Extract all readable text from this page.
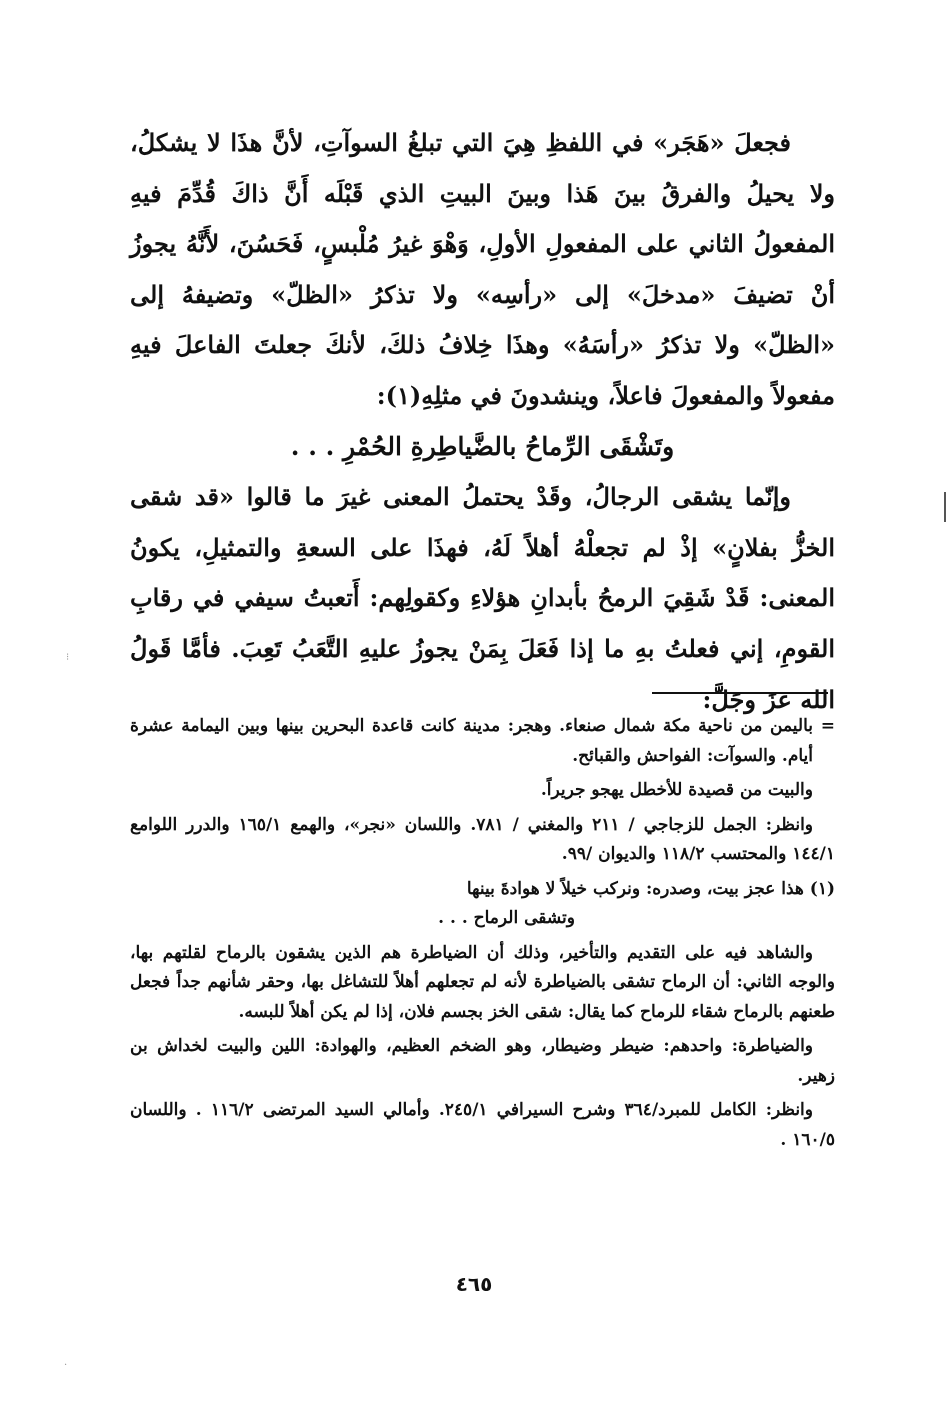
فجعلَ «هَجَر» في اللفظِ هِيَ التي تبلغُ السوآتِ، لأنَّ هذَا لا يشكلُ، ولا يحيلُ والفرقُ بينَ هَذا وبينَ البيتِ الذي قَبْلَه أَنَّ ذاكَ قُدِّمَ فيهِ المفعولُ الثاني على المفعولِ الأولِ، وَهْوَ غيرُ مُلْبسٍ، فَحَسُنَ، لأَنَّهُ يجوزُ أنْ تضيفَ «مدخلَ» إلى «رأسِه» ولا تذكرُ «الظلّ» وتضيفهُ إلى «الظلّ» ولا تذكرُ «رأسَهُ» وهذَا خِلافُ ذلكَ، لأنكَ جعلتَ الفاعلَ فيهِ مفعولاً والمفعولَ فاعلاً، وينشدونَ في مثلِهِ(١):

وتَشْقَى الرِّماحُ بالضَّياطِرةِ الحُمْرِ . . .

وإنّما يشقى الرجالُ، وقَدْ يحتملُ المعنى غيرَ ما قالوا «قد شقى الخزُّ بفلانٍ» إذْ لم تجعلْهُ أهلاً لَهُ، فهذَا على السعةِ والتمثيلِ، يكونُ المعنى: قَدْ شَقِيَ الرمحُ بأبدانِ هؤلاءِ وكقولِهم: أَتعبتُ سيفي في رقابِ القومِ، إني فعلتُ بهِ ما إذا فَعَلَ بِمَنْ يجوزُ عليهِ التَّعَبُ تَعِبَ. فأمَّا قَولُ الله عزَ وجَلَّ:

=
باليمن من ناحية مكة شمال صنعاء. وهجر: مدينة كانت قاعدة البحرين بينها وبين اليمامة عشرة أيام. والسوآت: الفواحش والقبائح.

والبيت من قصيدة للأخطل يهجو جريراً.

وانظر: الجمل للزجاجي / ٢١١ والمغني / ٧٨١. واللسان «نجر»، والهمع ١٦٥/١ والدرر اللوامع ١٤٤/١ والمحتسب ١١٨/٢ والديوان /٩٩.

(١) هذا عجز بيت، وصدره: ونركب خيلاً لا هوادةَ بينها

وتشقى الرماح . . .

والشاهد فيه على التقديم والتأخير، وذلك أن الضياطرة هم الذين يشقون بالرماح لقلتهم بها، والوجه الثاني: أن الرماح تشقى بالضياطرة لأنه لم تجعلهم أهلاً للتشاغل بها، وحقر شأنهم جداً فجعل طعنهم بالرماح شقاء للرماح كما يقال: شقى الخز بجسم فلان، إذا لم يكن أهلاً للبسه.

والضياطرة: واحدهم: ضيطر وضيطار، وهو الضخم العظيم، والهوادة: اللين والبيت لخداش بن زهير.

وانظر: الكامل للمبرد/٣٦٤ وشرح السيرافي ٢٤٥/١. وأمالي السيد المرتضى ١١٦/٢ . واللسان ١٦٠/٥ .

٤٦٥
⁝
·
